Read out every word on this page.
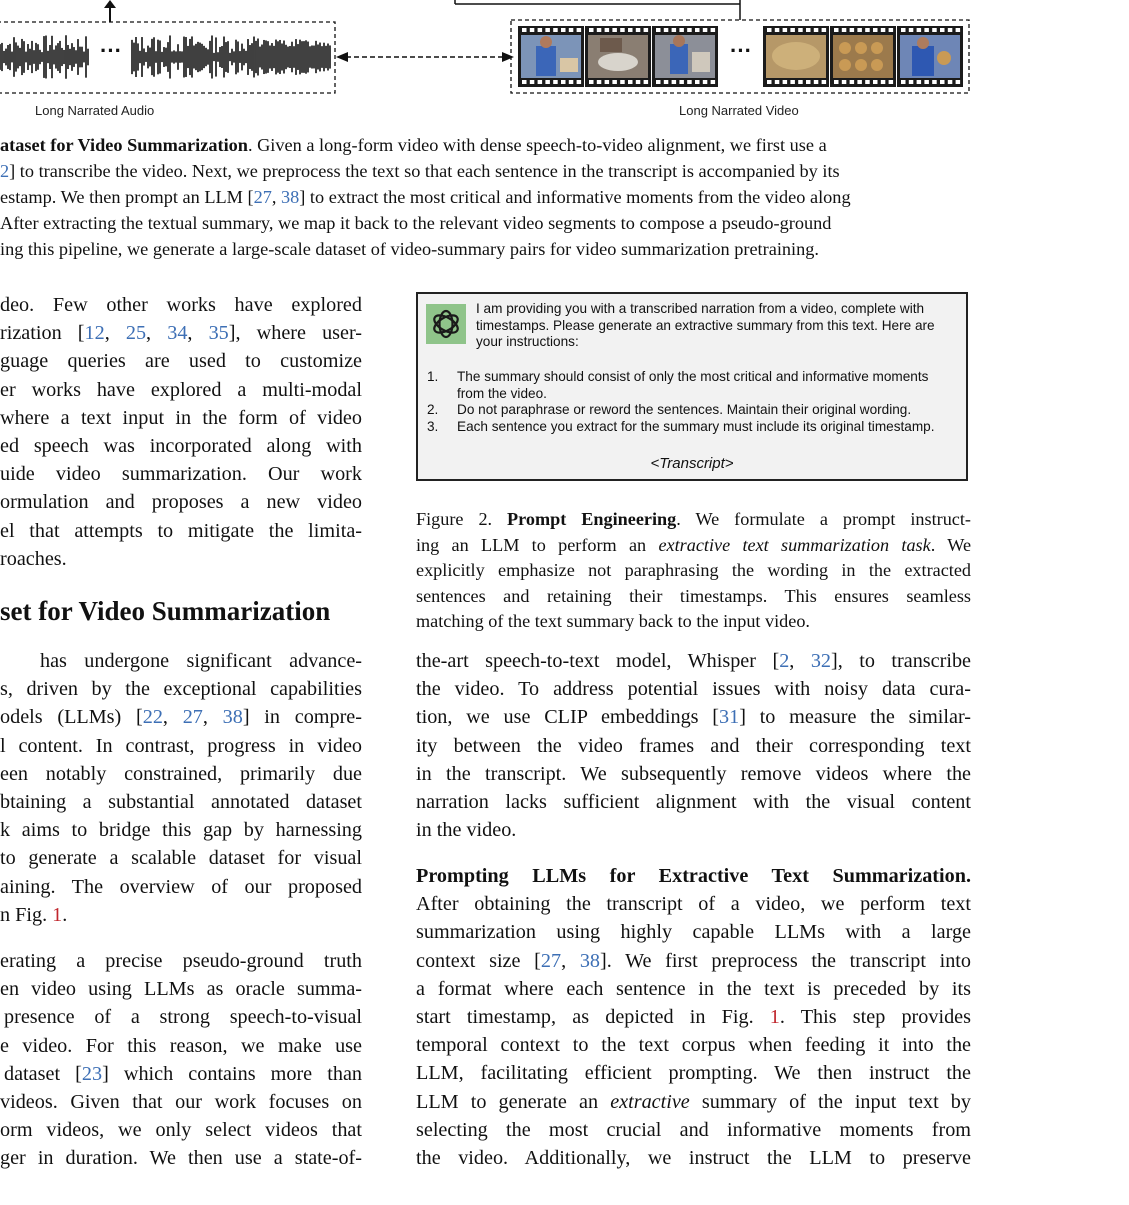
···	···
Long Narrated Audio	Long Narrated Video
ataset for Video Summarization. Given a long-form video with dense speech-to-video alignment, we first use a
2] to transcribe the video. Next, we preprocess the text so that each sentence in the transcript is accompanied by its
estamp. We then prompt an LLM [27, 38] to extract the most critical and informative moments from the video along
After extracting the textual summary, we map it back to the relevant video segments to compose a pseudo-ground
ing this pipeline, we generate a large-scale dataset of video-summary pairs for video summarization pretraining.
deo. Few other works have explored
rization [12, 25, 34, 35], where user-
guage queries are used to customize
er works have explored a multi-modal
where a text input in the form of video
ed speech was incorporated along with
uide video summarization. Our work
ormulation and proposes a new video
el that attempts to mitigate the limita-
roaches.
set for Video Summarization
has undergone significant advance-
s, driven by the exceptional capabilities
odels (LLMs) [22, 27, 38] in compre-
l content. In contrast, progress in video
een notably constrained, primarily due
btaining a substantial annotated dataset
k aims to bridge this gap by harnessing
to generate a scalable dataset for visual
aining. The overview of our proposed
n Fig. 1.
erating a precise pseudo-ground truth
en video using LLMs as oracle summa-
presence of a strong speech-to-visual
e video. For this reason, we make use
dataset [23] which contains more than
videos. Given that our work focuses on
orm videos, we only select videos that
ger in duration. We then use a state-of-
I am providing you with a transcribed narration from a video, complete with
timestamps. Please generate an extractive summary from this text. Here are
your instructions:
1. The summary should consist of only the most critical and informative moments
from the video.
2. Do not paraphrase or reword the sentences. Maintain their original wording.
3. Each sentence you extract for the summary must include its original timestamp.
<Transcript>
Figure 2. Prompt Engineering. We formulate a prompt instruct-
ing an LLM to perform an extractive text summarization task. We
explicitly emphasize not paraphrasing the wording in the extracted
sentences and retaining their timestamps. This ensures seamless
matching of the text summary back to the input video.
the-art speech-to-text model, Whisper [2, 32], to transcribe
the video. To address potential issues with noisy data cura-
tion, we use CLIP embeddings [31] to measure the similar-
ity between the video frames and their corresponding text
in the transcript. We subsequently remove videos where the
narration lacks sufficient alignment with the visual content
in the video.
Prompting LLMs for Extractive Text Summarization.
After obtaining the transcript of a video, we perform text
summarization using highly capable LLMs with a large
context size [27, 38]. We first preprocess the transcript into
a format where each sentence in the text is preceded by its
start timestamp, as depicted in Fig. 1. This step provides
temporal context to the text corpus when feeding it into the
LLM, facilitating efficient prompting. We then instruct the
LLM to generate an extractive summary of the input text by
selecting the most crucial and informative moments from
the video. Additionally, we instruct the LLM to preserve
